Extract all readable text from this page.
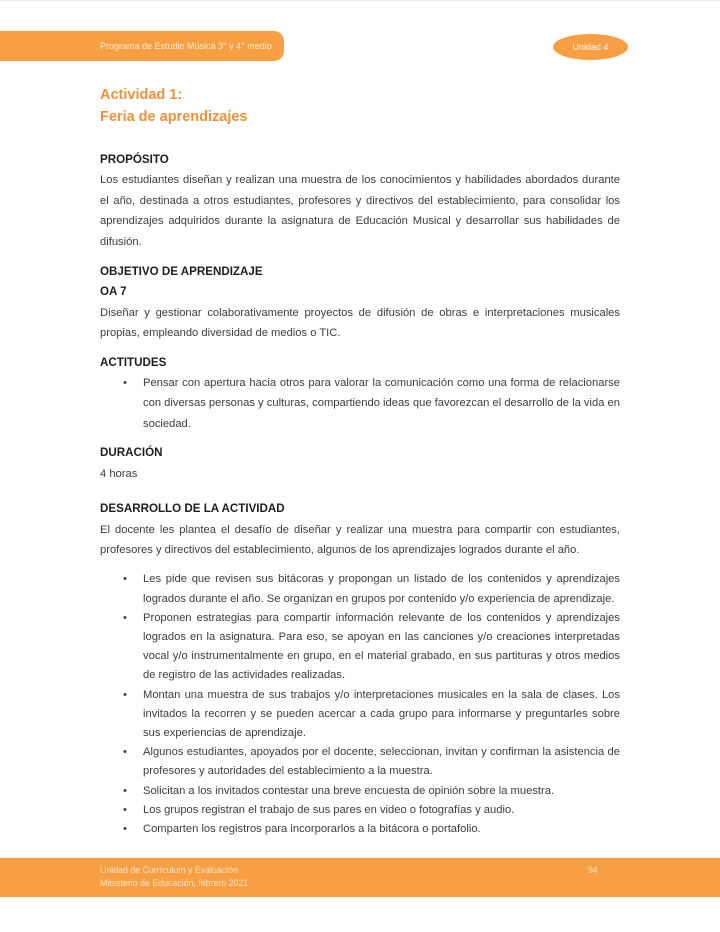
Programa de Estudio Música 3° y 4° medio	Unidad 4
Actividad 1:
Feria de aprendizajes
PROPÓSITO

Los estudiantes diseñan y realizan una muestra de los conocimientos y habilidades abordados durante el año, destinada a otros estudiantes, profesores y directivos del establecimiento, para consolidar los aprendizajes adquiridos durante la asignatura de Educación Musical y desarrollar sus habilidades de difusión.

OBJETIVO DE APRENDIZAJE
OA 7

Diseñar y gestionar colaborativamente proyectos de difusión de obras e interpretaciones musicales propias, empleando diversidad de medios o TIC.

ACTITUDES
• Pensar con apertura hacia otros para valorar la comunicación como una forma de relacionarse con diversas personas y culturas, compartiendo ideas que favorezcan el desarrollo de la vida en sociedad.
DURACIÓN

4 horas

DESARROLLO DE LA ACTIVIDAD

El docente les plantea el desafío de diseñar y realizar una muestra para compartir con estudiantes, profesores y directivos del establecimiento, algunos de los aprendizajes logrados durante el año.

• Les pide que revisen sus bitácoras y propongan un listado de los contenidos y aprendizajes logrados durante el año. Se organizan en grupos por contenido y/o experiencia de aprendizaje.
• Proponen estrategias para compartir información relevante de los contenidos y aprendizajes logrados en la asignatura. Para eso, se apoyan en las canciones y/o creaciones interpretadas vocal y/o instrumentalmente en grupo, en el material grabado, en sus partituras y otros medios de registro de las actividades realizadas.
• Montan una muestra de sus trabajos y/o interpretaciones musicales en la sala de clases. Los invitados la recorren y se pueden acercar a cada grupo para informarse y preguntarles sobre sus experiencias de aprendizaje.
• Algunos estudiantes, apoyados por el docente, seleccionan, invitan y confirman la asistencia de profesores y autoridades del establecimiento a la muestra.
• Solicitan a los invitados contestar una breve encuesta de opinión sobre la muestra.
• Los grupos registran el trabajo de sus pares en video o fotografías y audio.
• Comparten los registros para incorporarlos a la bitácora o portafolio.
Unidad de Currículum y Evaluación
Ministerio de Educación, febrero 2021
94
